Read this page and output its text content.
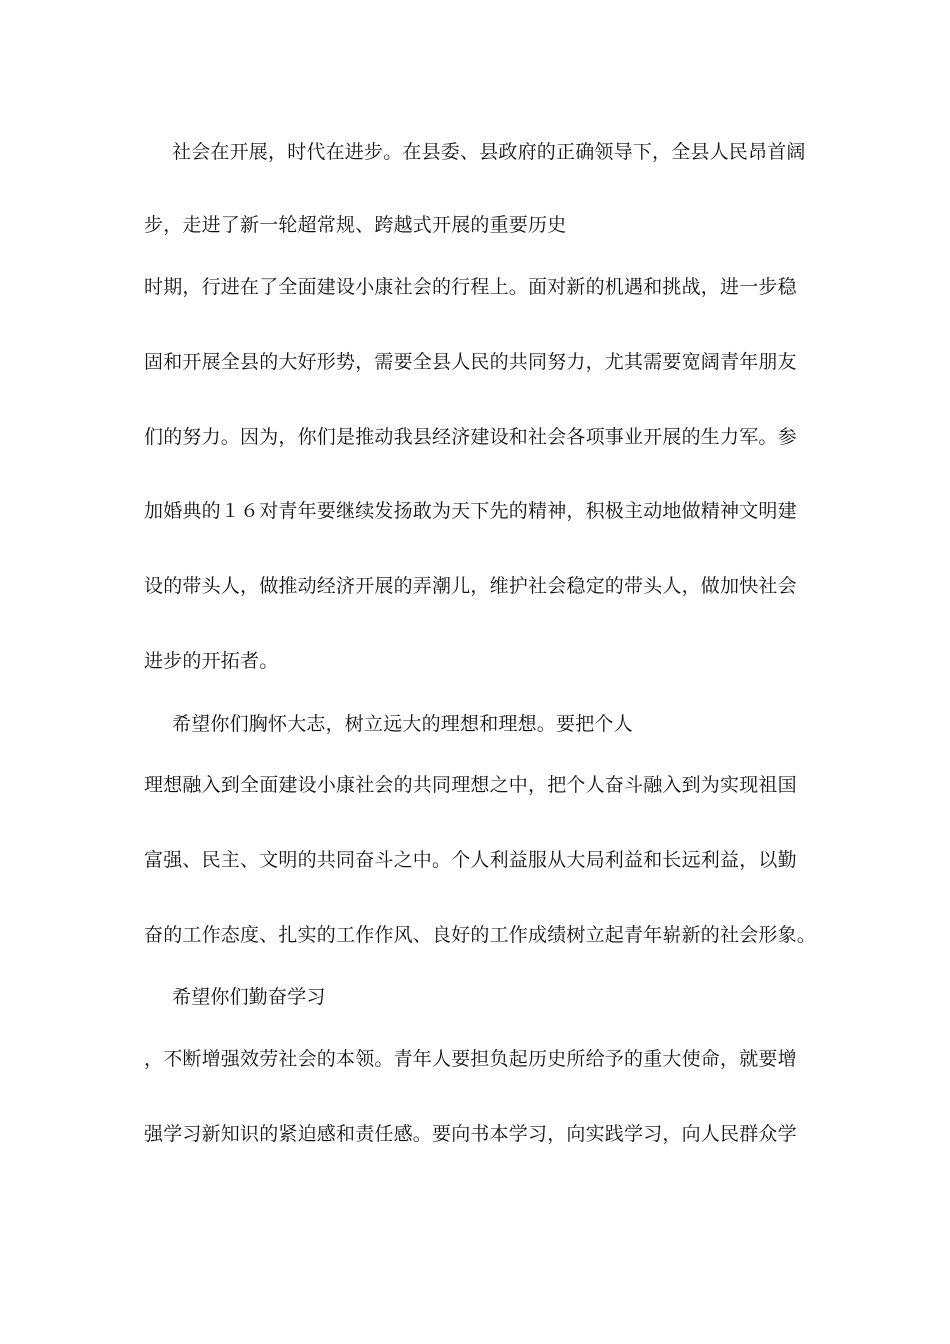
社会在开展，时代在进步。在县委、县政府的正确领导下，全县人民昂首阔
步，走进了新一轮超常规、跨越式开展的重要历史
时期，行进在了全面建设小康社会的行程上。面对新的机遇和挑战，进一步稳
固和开展全县的大好形势，需要全县人民的共同努力，尤其需要宽阔青年朋友
们的努力。因为，你们是推动我县经济建设和社会各项事业开展的生力军。参
加婚典的１６对青年要继续发扬敢为天下先的精神，积极主动地做精神文明建
设的带头人，做推动经济开展的弄潮儿，维护社会稳定的带头人，做加快社会
进步的开拓者。
希望你们胸怀大志，树立远大的理想和理想。要把个人
理想融入到全面建设小康社会的共同理想之中，把个人奋斗融入到为实现祖国
富强、民主、文明的共同奋斗之中。个人利益服从大局利益和长远利益，以勤
奋的工作态度、扎实的工作作风、良好的工作成绩树立起青年崭新的社会形象。
希望你们勤奋学习
，不断增强效劳社会的本领。青年人要担负起历史所给予的重大使命，就要增
强学习新知识的紧迫感和责任感。要向书本学习，向实践学习，向人民群众学
